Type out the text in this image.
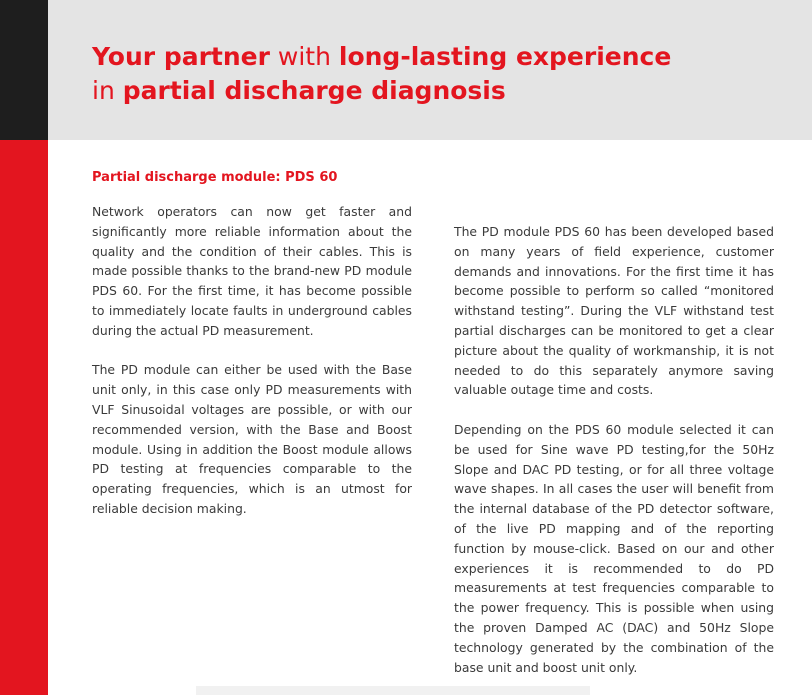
Your partner with long-lasting experience
in partial discharge diagnosis
Partial discharge module: PDS 60

Network operators can now get faster and significantly more reliable information about the quality and the condition of their cables. This is made possible thanks to the brand-new PD module PDS 60. For the first time, it has become possible to immediately locate faults in underground cables during the actual PD measurement.

The PD module can either be used with the Base unit only, in this case only PD measurements with VLF Sinusoidal voltages are possible, or with our recommended version, with the Base and Boost module. Using in addition the Boost module allows PD testing at frequencies comparable to the operating frequencies, which is an utmost for reliable decision making.

The PD module PDS 60 has been developed based on many years of field experience, customer demands and innovations. For the first time it has become possible to perform so called “monitored withstand testing”. During the VLF withstand test partial discharges can be monitored to get a clear picture about the quality of workmanship, it is not needed to do this separately anymore saving valuable outage time and costs.

Depending on the PDS 60 module selected it can be used for Sine wave PD testing,for the 50Hz Slope and DAC PD testing, or for all three voltage wave shapes. In all cases the user will benefit from the internal database of the PD detector software, of the live PD mapping and of the reporting function by mouse-click. Based on our and other experiences it is recommended to do PD measurements at test frequencies comparable to the power frequency. This is possible when using the proven Damped AC (DAC) and 50Hz Slope technology generated by the combination of the base unit and boost unit only.
